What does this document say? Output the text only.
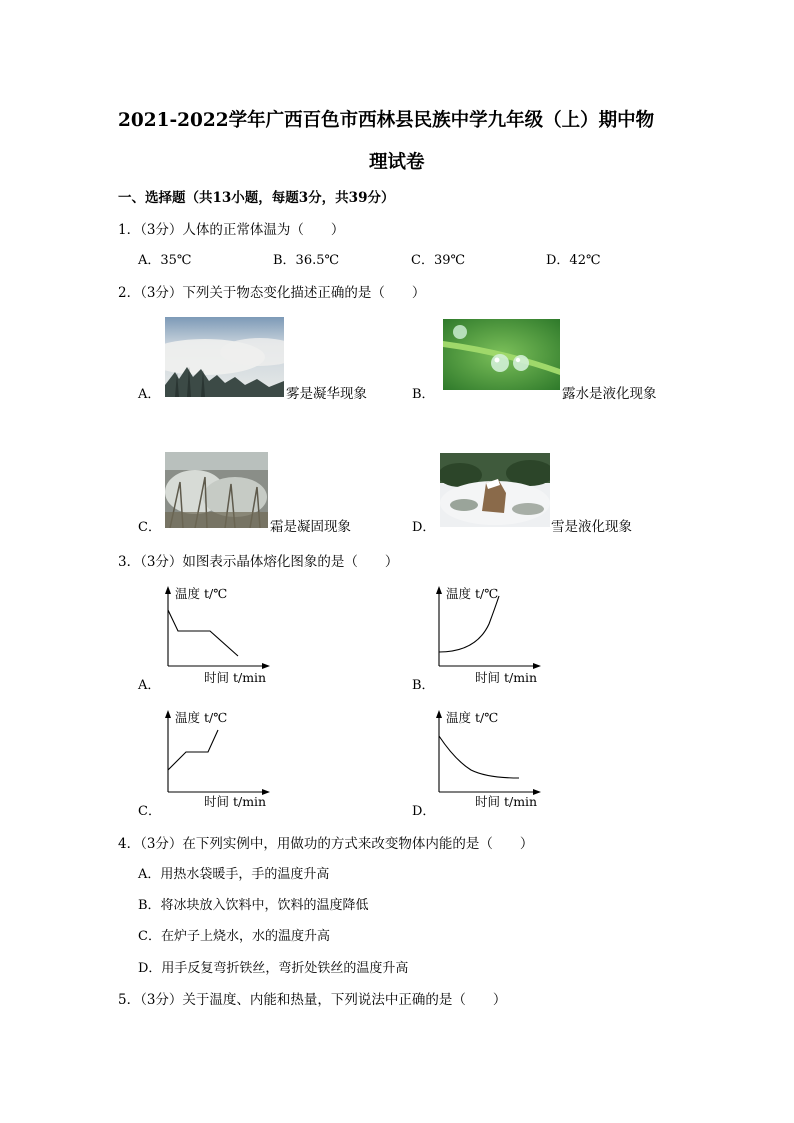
2021-2022学年广西百色市西林县民族中学九年级（上）期中物
理试卷
一、选择题（共13小题，每题3分，共39分）
1．（3分）人体的正常体温为（　　）
A．35℃	B．36.5℃	C．39℃	D．42℃
2．（3分）下列关于物态变化描述正确的是（　　）
A．	雾是凝华现象	B．	露水是液化现象
C．	霜是凝固现象	D．	雪是液化现象
3．（3分）如图表示晶体熔化图象的是（　　）
A．
温度 t/℃
时间 t/min
B．
温度 t/℃
时间 t/min
C．
温度 t/℃
时间 t/min
D．
温度 t/℃
时间 t/min
4．（3分）在下列实例中，用做功的方式来改变物体内能的是（　　）
A．用热水袋暖手，手的温度升高
B．将冰块放入饮料中，饮料的温度降低
C．在炉子上烧水，水的温度升高
D．用手反复弯折铁丝，弯折处铁丝的温度升高
5．（3分）关于温度、内能和热量，下列说法中正确的是（　　）
